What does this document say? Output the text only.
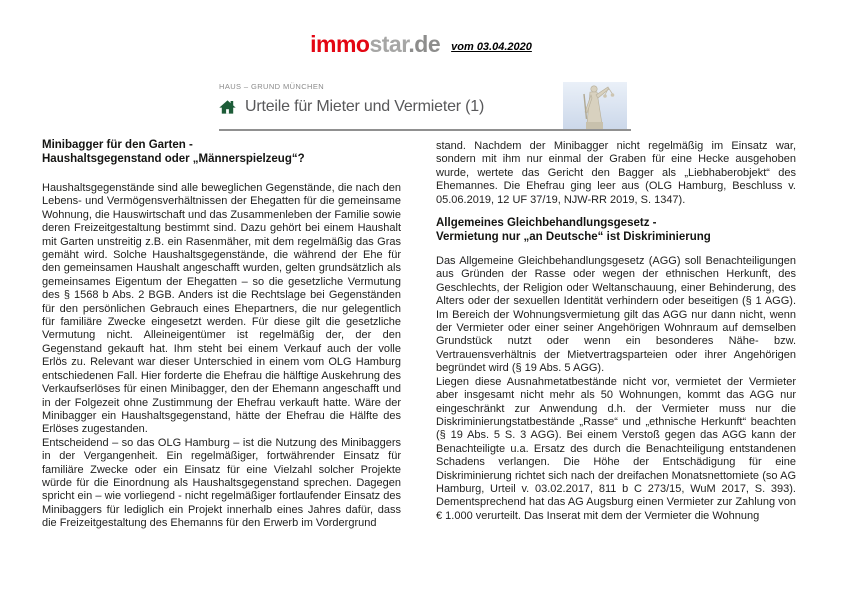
immostar.de vom 03.04.2020
HAUS – GRUND MÜNCHEN
Urteile für Mieter und Vermieter (1)
Minibagger für den Garten -
Haushaltsgegenstand oder „Männerspielzeug“?

Haushaltsgegenstände sind alle beweglichen Gegenstände, die nach den Lebens- und Vermögensverhältnissen der Ehegatten für die gemeinsame Wohnung, die Hauswirtschaft und das Zusammenleben der Familie sowie deren Freizeitgestaltung bestimmt sind. Dazu gehört bei einem Haushalt mit Garten unstreitig z.B. ein Rasenmäher, mit dem regelmäßig das Gras gemäht wird. Solche Haushaltsgegenstände, die während der Ehe für den gemeinsamen Haushalt angeschafft wurden, gelten grundsätzlich als gemeinsames Eigentum der Ehegatten – so die gesetzliche Vermutung des § 1568 b Abs. 2 BGB. Anders ist die Rechtslage bei Gegenständen für den persönlichen Gebrauch eines Ehepartners, die nur gelegentlich für familiäre Zwecke eingesetzt werden. Für diese gilt die gesetzliche Vermutung nicht. Alleineigentümer ist regelmäßig der, der den Gegenstand gekauft hat. Ihm steht bei einem Verkauf auch der volle Erlös zu. Relevant war dieser Unterschied in einem vom OLG Hamburg entschiedenen Fall. Hier forderte die Ehefrau die hälftige Auskehrung des Verkaufserlöses für einen Minibagger, den der Ehemann angeschafft und in der Folgezeit ohne Zustimmung der Ehefrau verkauft hatte. Wäre der Minibagger ein Haushaltsgegenstand, hätte der Ehefrau die Hälfte des Erlöses zugestanden.

Entscheidend – so das OLG Hamburg – ist die Nutzung des Minibaggers in der Vergangenheit. Ein regelmäßiger, fortwährender Einsatz für familiäre Zwecke oder ein Einsatz für eine Vielzahl solcher Projekte würde für die Einordnung als Haushaltsgegenstand sprechen. Dagegen spricht ein – wie vorliegend - nicht regelmäßiger fortlaufender Einsatz des Minibaggers für lediglich ein Projekt innerhalb eines Jahres dafür, dass die Freizeitgestaltung des Ehemanns für den Erwerb im Vordergrund

stand. Nachdem der Minibagger nicht regelmäßig im Einsatz war, sondern mit ihm nur einmal der Graben für eine Hecke ausgehoben wurde, wertete das Gericht den Bagger als „Liebhaberobjekt“ des Ehemannes. Die Ehefrau ging leer aus (OLG Hamburg, Beschluss v. 05.06.2019, 12 UF 37/19, NJW-RR 2019, S. 1347).

Allgemeines Gleichbehandlungsgesetz -
Vermietung nur „an Deutsche“ ist Diskriminierung

Das Allgemeine Gleichbehandlungsgesetz (AGG) soll Benachteiligungen aus Gründen der Rasse oder wegen der ethnischen Herkunft, des Geschlechts, der Religion oder Weltanschauung, einer Behinderung, des Alters oder der sexuellen Identität verhindern oder beseitigen (§ 1 AGG). Im Bereich der Wohnungsvermietung gilt das AGG nur dann nicht, wenn der Vermieter oder einer seiner Angehörigen Wohnraum auf demselben Grundstück nutzt oder wenn ein besonderes Nähe- bzw. Vertrauensverhältnis der Mietvertragsparteien oder ihrer Angehörigen begründet wird (§ 19 Abs. 5 AGG).

Liegen diese Ausnahmetatbestände nicht vor, vermietet der Vermieter aber insgesamt nicht mehr als 50 Wohnungen, kommt das AGG nur eingeschränkt zur Anwendung d.h. der Vermieter muss nur die Diskriminierungstatbestände „Rasse“ und „ethnische Herkunft“ beachten (§ 19 Abs. 5 S. 3 AGG). Bei einem Verstoß gegen das AGG kann der Benachteiligte u.a. Ersatz des durch die Benachteiligung entstandenen Schadens verlangen. Die Höhe der Entschädigung für eine Diskriminierung richtet sich nach der dreifachen Monatsnettomiete (so AG Hamburg, Urteil v. 03.02.2017, 811 b C 273/15, WuM 2017, S. 393). Dementsprechend hat das AG Augsburg einen Vermieter zur Zahlung von € 1.000 verurteilt. Das Inserat mit dem der Vermieter die Wohnung
